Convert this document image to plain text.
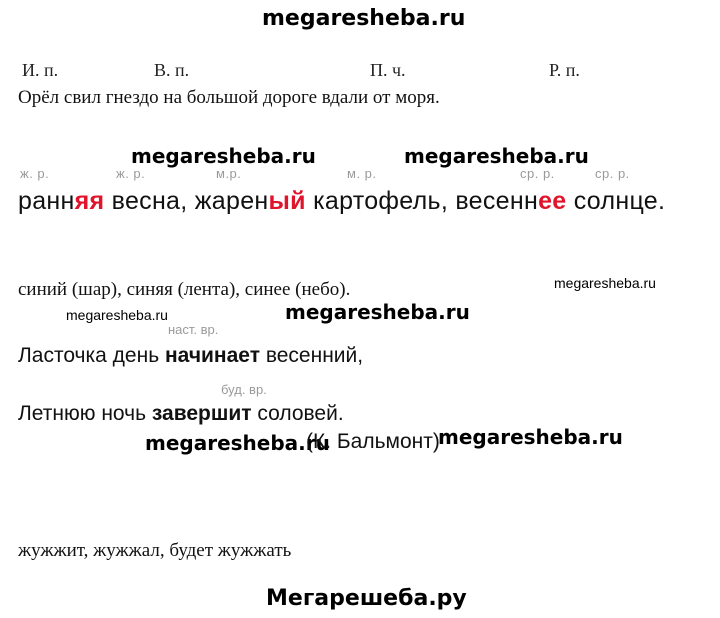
megaresheba.ru
И. п.	В. п.	П. ч.	Р. п.
Орёл свил гнездо на большой дороге вдали от моря.
megaresheba.ru	megaresheba.ru
ж. р.	ж. р.	м.р.	м. р.	ср. р.	ср. р.
ранняя весна, жареный картофель, весеннее солнце.
синий (шар), синяя (лента), синее (небо).	megaresheba.ru
megaresheba.ru	megaresheba.ru
наст. вр.
Ласточка день начинает весенний,
буд. вр.
Летнюю ночь завершит соловей.
megaresheba.ru
(К. Бальмонт)
megaresheba.ru
жужжит, жужжал, будет жужжать
Мегарешеба.ру
